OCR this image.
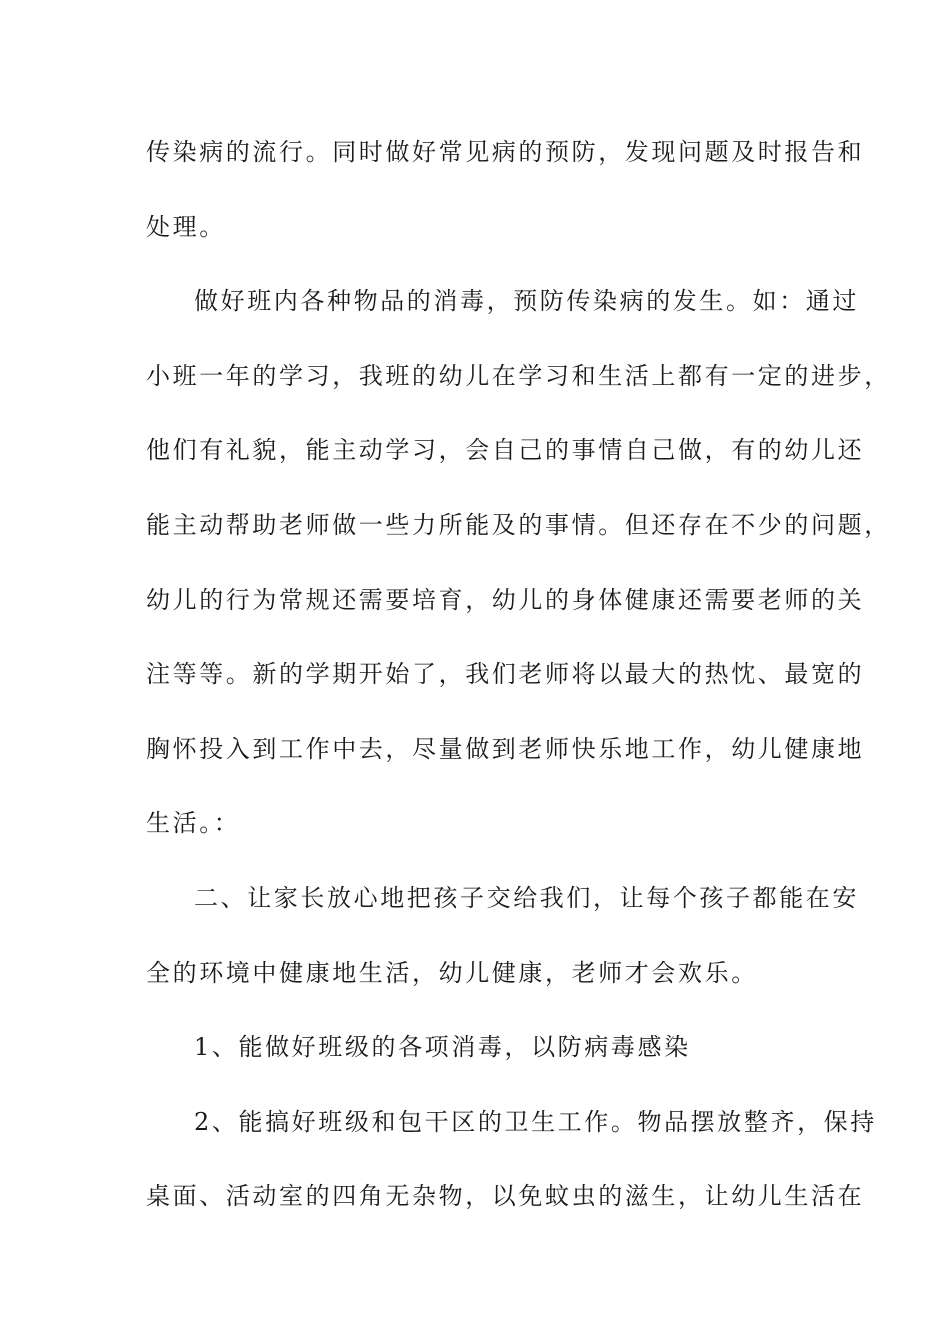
传染病的流行。同时做好常见病的预防，发现问题及时报告和
处理。
做好班内各种物品的消毒，预防传染病的发生。如：通过
小班一年的学习，我班的幼儿在学习和生活上都有一定的进步，
他们有礼貌，能主动学习，会自己的事情自己做，有的幼儿还
能主动帮助老师做一些力所能及的事情。但还存在不少的问题，
幼儿的行为常规还需要培育，幼儿的身体健康还需要老师的关
注等等。新的学期开始了，我们老师将以最大的热忱、最宽的
胸怀投入到工作中去，尽量做到老师快乐地工作，幼儿健康地
生活。：
二、让家长放心地把孩子交给我们，让每个孩子都能在安
全的环境中健康地生活，幼儿健康，老师才会欢乐。
1、能做好班级的各项消毒，以防病毒感染
2、能搞好班级和包干区的卫生工作。物品摆放整齐，保持
桌面、活动室的四角无杂物，以免蚊虫的滋生，让幼儿生活在
